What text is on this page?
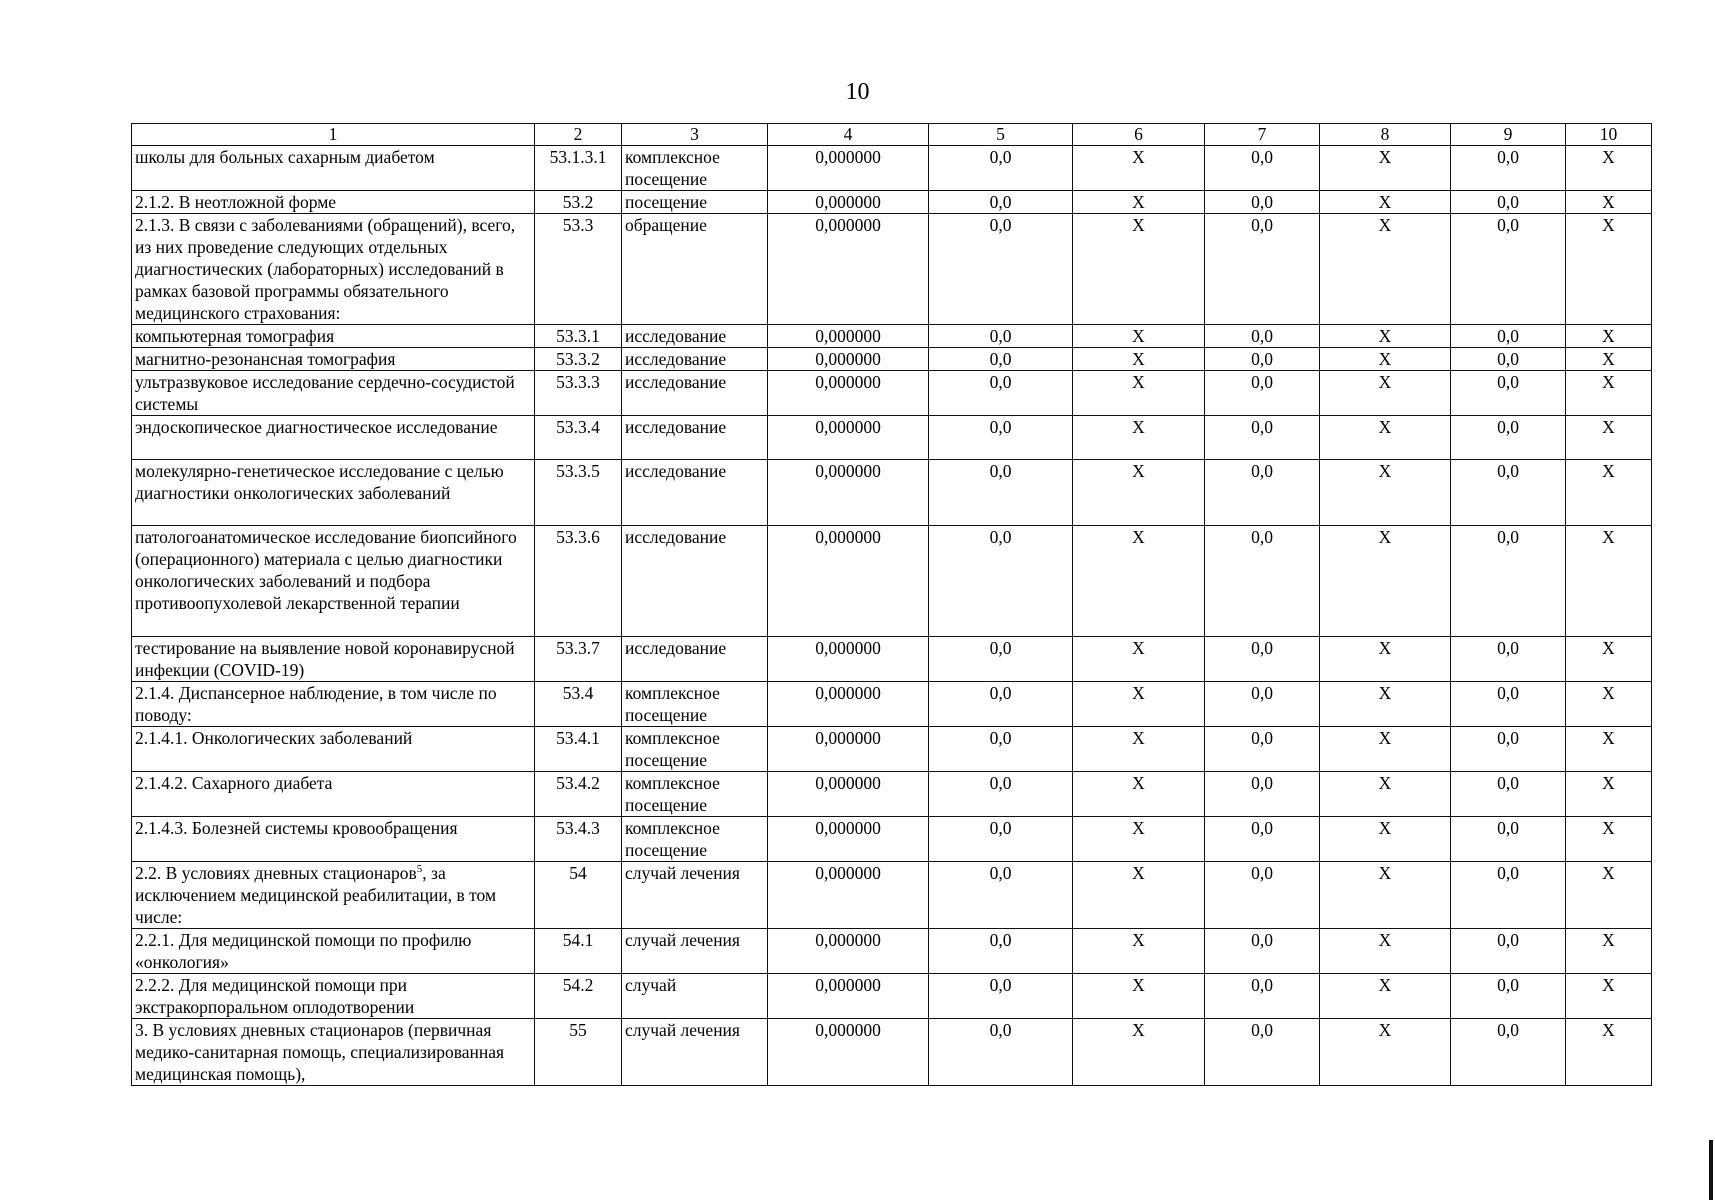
10
1	2	3	4	5	6	7	8	9	10
школы для больных сахарным диабетом	53.1.3.1	комплексное посещение	0,000000	0,0	Х	0,0	Х	0,0	Х
2.1.2. В неотложной форме	53.2	посещение	0,000000	0,0	Х	0,0	Х	0,0	Х
2.1.3. В связи с заболеваниями (обращений), всего, из них проведение следующих отдельных диагностических (лабораторных) исследований в рамках базовой программы обязательного медицинского страхования:	53.3	обращение	0,000000	0,0	Х	0,0	Х	0,0	Х
компьютерная томография	53.3.1	исследование	0,000000	0,0	Х	0,0	Х	0,0	Х
магнитно-резонансная томография	53.3.2	исследование	0,000000	0,0	Х	0,0	Х	0,0	Х
ультразвуковое исследование сердечно-сосудистой системы	53.3.3	исследование	0,000000	0,0	Х	0,0	Х	0,0	Х
эндоскопическое диагностическое исследование	53.3.4	исследование	0,000000	0,0	Х	0,0	Х	0,0	Х
молекулярно-генетическое исследование с целью диагностики онкологических заболеваний	53.3.5	исследование	0,000000	0,0	Х	0,0	Х	0,0	Х
патологоанатомическое исследование биопсийного (операционного) материала с целью диагностики онкологических заболеваний и подбора противоопухолевой лекарственной терапии	53.3.6	исследование	0,000000	0,0	Х	0,0	Х	0,0	Х
тестирование на выявление новой коронавирусной инфекции (COVID-19)	53.3.7	исследование	0,000000	0,0	Х	0,0	Х	0,0	Х
2.1.4. Диспансерное наблюдение, в том числе по поводу:	53.4	комплексное посещение	0,000000	0,0	Х	0,0	Х	0,0	Х
2.1.4.1. Онкологических заболеваний	53.4.1	комплексное посещение	0,000000	0,0	Х	0,0	Х	0,0	Х
2.1.4.2. Сахарного диабета	53.4.2	комплексное посещение	0,000000	0,0	Х	0,0	Х	0,0	Х
2.1.4.3. Болезней системы кровообращения	53.4.3	комплексное посещение	0,000000	0,0	Х	0,0	Х	0,0	Х
2.2. В условиях дневных стационаров$^5$, за исключением медицинской реабилитации, в том числе:	54	случай лечения	0,000000	0,0	Х	0,0	Х	0,0	Х
2.2.1. Для медицинской помощи по профилю «онкология»	54.1	случай лечения	0,000000	0,0	Х	0,0	Х	0,0	Х
2.2.2. Для медицинской помощи при экстракорпоральном оплодотворении	54.2	случай	0,000000	0,0	Х	0,0	Х	0,0	Х
3. В условиях дневных стационаров (первичная медико-санитарная помощь, специализированная медицинская помощь),	55	случай лечения	0,000000	0,0	Х	0,0	Х	0,0	Х
